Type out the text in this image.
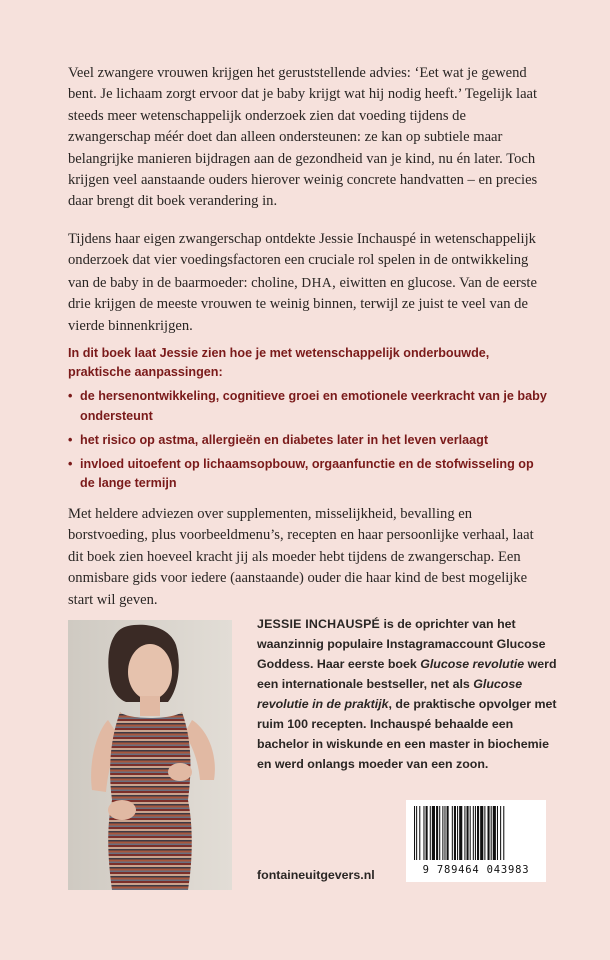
Veel zwangere vrouwen krijgen het geruststellende advies: ‘Eet wat je gewend bent. Je lichaam zorgt ervoor dat je baby krijgt wat hij nodig heeft.’ Tegelijk laat steeds meer wetenschappelijk onderzoek zien dat voeding tijdens de zwangerschap méér doet dan alleen ondersteunen: ze kan op subtiele maar belangrijke manieren bijdragen aan de gezondheid van je kind, nu én later. Toch krijgen veel aanstaande ouders hierover weinig concrete handvatten – en precies daar brengt dit boek verandering in.

Tijdens haar eigen zwangerschap ontdekte Jessie Inchauspé in wetenschappelijk onderzoek dat vier voedingsfactoren een cruciale rol spelen in de ontwikkeling van de baby in de baarmoeder: choline, DHA, eiwitten en glucose. Van de eerste drie krijgen de meeste vrouwen te weinig binnen, terwijl ze juist te veel van de vierde binnenkrijgen.

In dit boek laat Jessie zien hoe je met wetenschappelijk onderbouwde, praktische aanpassingen:

• de hersenontwikkeling, cognitieve groei en emotionele veerkracht van je baby ondersteunt
• het risico op astma, allergieën en diabetes later in het leven verlaagt
• invloed uitoefent op lichaamsopbouw, orgaanfunctie en de stofwisseling op de lange termijn

Met heldere adviezen over supplementen, misselijkheid, bevalling en borstvoeding, plus voorbeeldmenu’s, recepten en haar persoonlijke verhaal, laat dit boek zien hoeveel kracht jij als moeder hebt tijdens de zwangerschap. Een onmisbare gids voor iedere (aanstaande) ouder die haar kind de best mogelijke start wil geven.

JESSIE INCHAUSPÉ is de oprichter van het waanzinnig populaire Instagramaccount Glucose Goddess. Haar eerste boek Glucose revolutie werd een internationale bestseller, net als Glucose revolutie in de praktijk, de praktische opvolger met ruim 100 recepten. Inchauspé behaalde een bachelor in wiskunde en een master in biochemie en werd onlangs moeder van een zoon.

9 789464 043983
fontaineuitgevers.nl
